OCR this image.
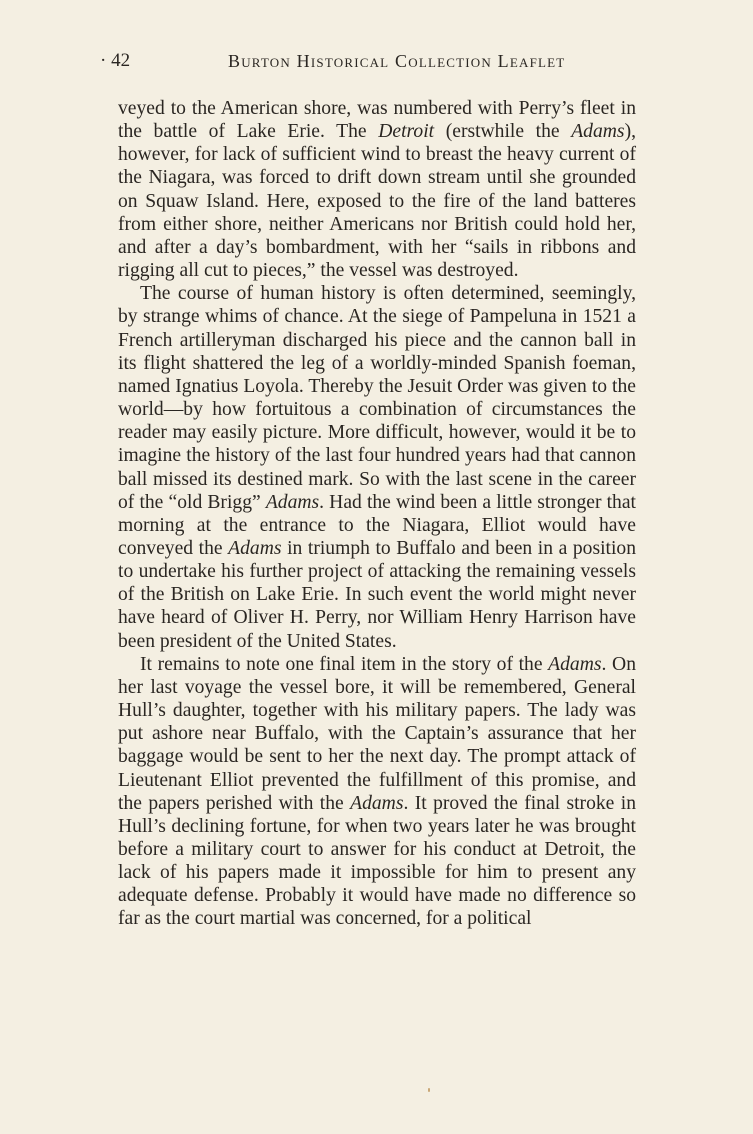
· 42	Burton Historical Collection Leaflet

veyed to the American shore, was numbered with Perry’s fleet in the battle of Lake Erie. The Detroit (erstwhile the Adams), however, for lack of sufficient wind to breast the heavy current of the Niagara, was forced to drift down stream until she grounded on Squaw Island. Here, exposed to the fire of the land batteres from either shore, neither Americans nor British could hold her, and after a day’s bombardment, with her “sails in ribbons and rigging all cut to pieces,” the vessel was destroyed.

The course of human history is often determined, seemingly, by strange whims of chance. At the siege of Pampeluna in 1521 a French artilleryman discharged his piece and the cannon ball in its flight shattered the leg of a worldly-minded Spanish foeman, named Ignatius Loyola. Thereby the Jesuit Order was given to the world—by how fortuitous a combination of circumstances the reader may easily picture. More difficult, however, would it be to imagine the history of the last four hundred years had that cannon ball missed its destined mark. So with the last scene in the career of the “old Brigg” Adams. Had the wind been a little stronger that morning at the entrance to the Niagara, Elliot would have conveyed the Adams in triumph to Buffalo and been in a position to undertake his further project of attacking the remaining vessels of the British on Lake Erie. In such event the world might never have heard of Oliver H. Perry, nor William Henry Harrison have been president of the United States.

It remains to note one final item in the story of the Adams. On her last voyage the vessel bore, it will be remembered, General Hull’s daughter, together with his military papers. The lady was put ashore near Buffalo, with the Captain’s assurance that her baggage would be sent to her the next day. The prompt attack of Lieutenant Elliot prevented the fulfillment of this promise, and the papers perished with the Adams. It proved the final stroke in Hull’s declining fortune, for when two years later he was brought before a military court to answer for his conduct at Detroit, the lack of his papers made it impossible for him to present any adequate defense. Probably it would have made no difference so far as the court martial was concerned, for a political
